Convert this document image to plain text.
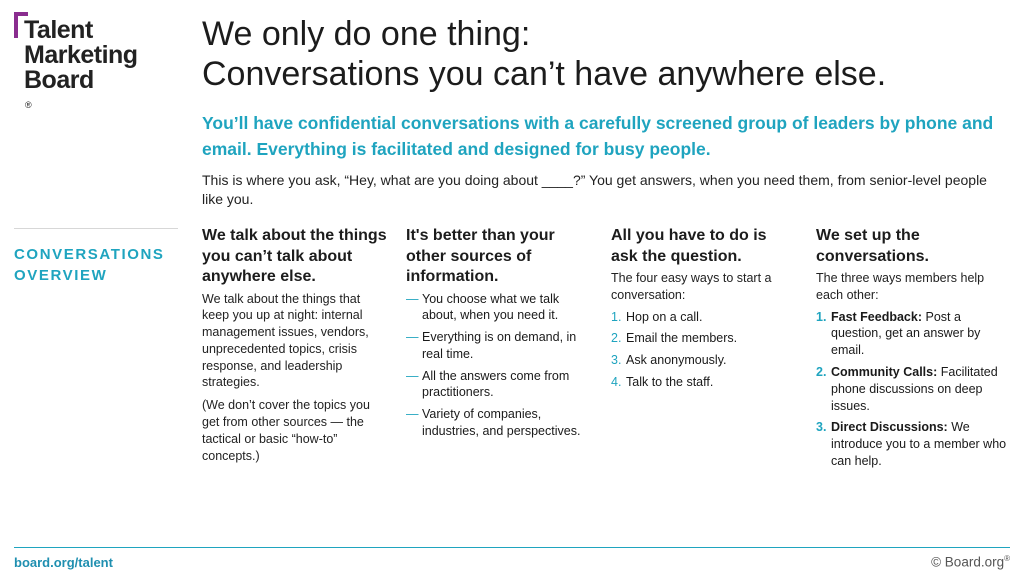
Talent
Marketing
Board
®
CONVERSATIONS
OVERVIEW
We only do one thing:
Conversations you can’t have anywhere else.

You’ll have confidential conversations with a carefully screened group of leaders by phone and email. Everything is facilitated and designed for busy people.

This is where you ask, “Hey, what are you doing about ____?” You get answers, when you need them, from senior-level people like you.

We talk about the things you can’t talk about anywhere else.

We talk about the things that keep you up at night: internal management issues, vendors, unprecedented topics, crisis response, and leadership strategies.

(We don’t cover the topics you get from other sources — the tactical or basic “how-to” concepts.)

It's better than your other sources of information.
— You choose what we talk about, when you need it.
— Everything is on demand, in real time.
— All the answers come from practitioners.
— Variety of companies, industries, and perspectives.
All you have to do is ask the question.

The four easy ways to start a conversation:

1. Hop on a call.
2. Email the members.
3. Ask anonymously.
4. Talk to the staff.
We set up the conversations.

The three ways members help each other:

1. Fast Feedback: Post a question, get an answer by email.
2. Community Calls: Facilitated phone discussions on deep issues.
3. Direct Discussions: We introduce you to a member who can help.
board.org/talent	© Board.org®
